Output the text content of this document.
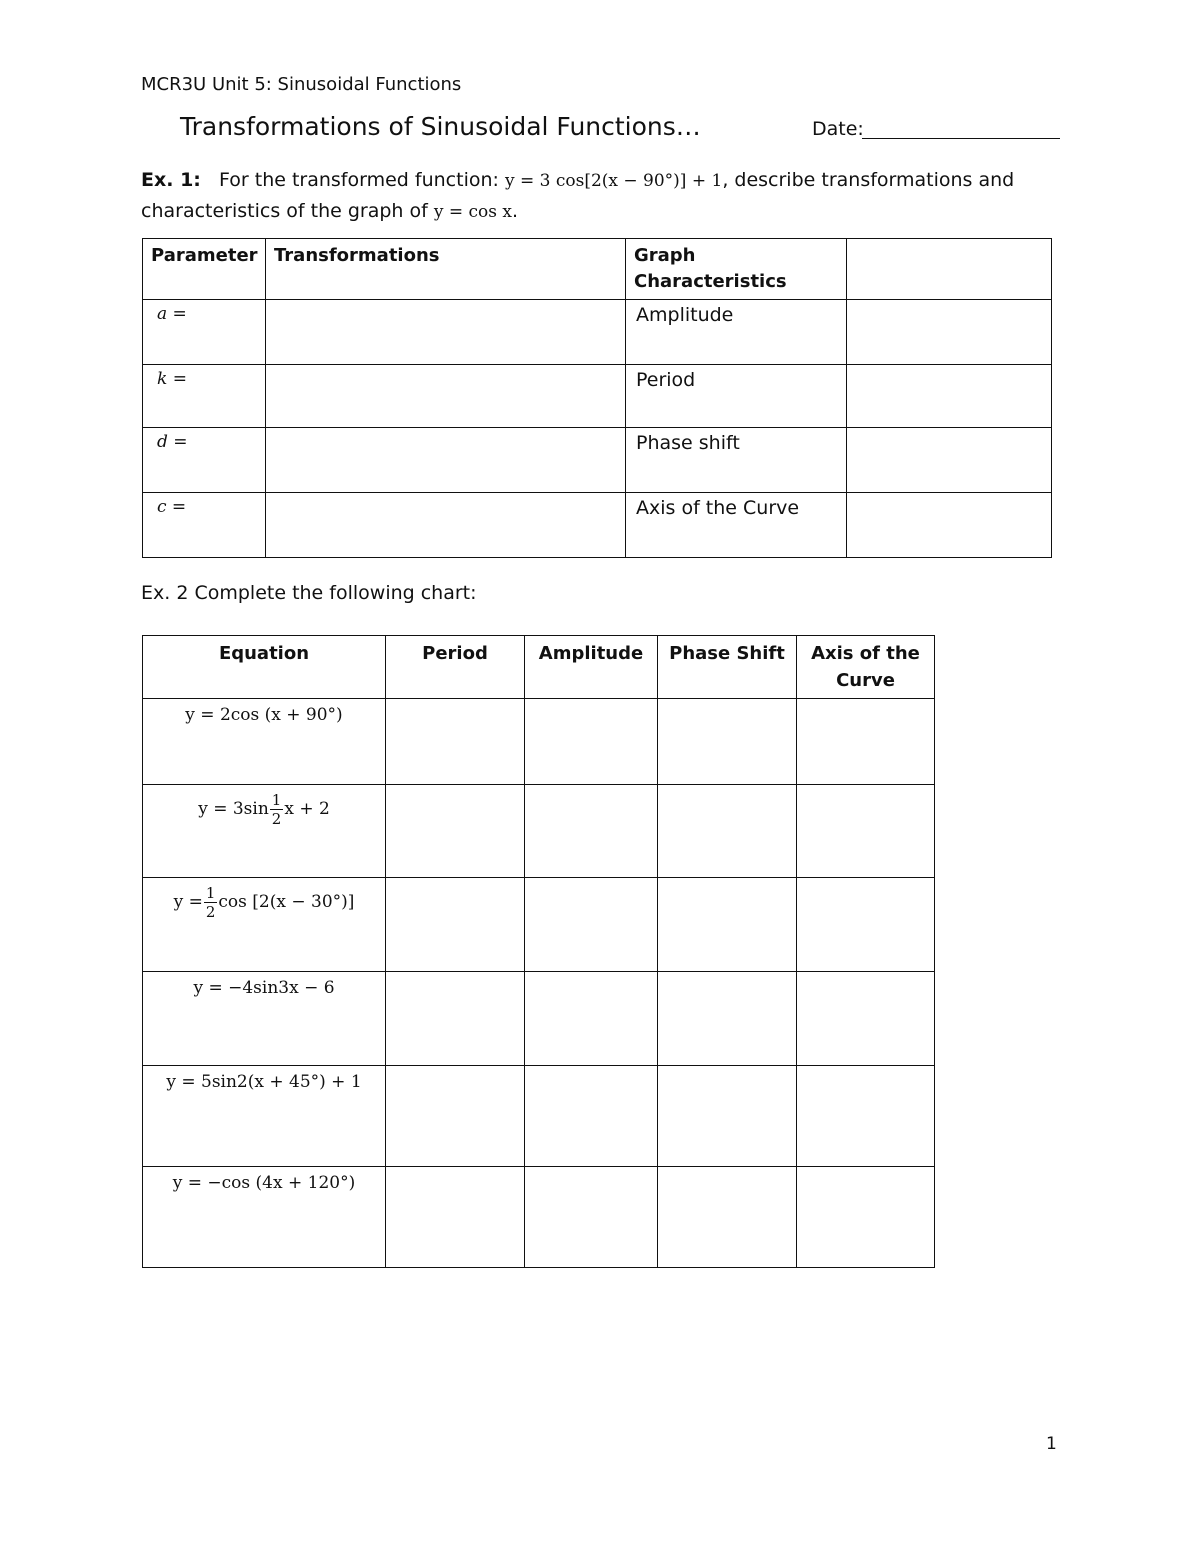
MCR3U Unit 5: Sinusoidal Functions
Transformations of Sinusoidal Functions…	Date:
Ex. 1: For the transformed function: y = 3 cos[2(x − 90°)] + 1, describe transformations and characteristics of the graph of y = cos x.
Parameter	Transformations	Graph Characteristics	
a =		Amplitude	
k =		Period	
d =		Phase shift	
c =		Axis of the Curve	
Ex. 2 Complete the following chart:
Equation	Period	Amplitude	Phase Shift	Axis of the Curve
y = 2cos (x + 90°)				
$y = 3\sin \frac{1}{2}$ x + 2				
$y = \frac{1}{2}$ cos [2(x − 30°)]				
y = −4sin3x − 6				
y = 5sin2(x + 45°) + 1				
y = −cos (4x + 120°)				
1
